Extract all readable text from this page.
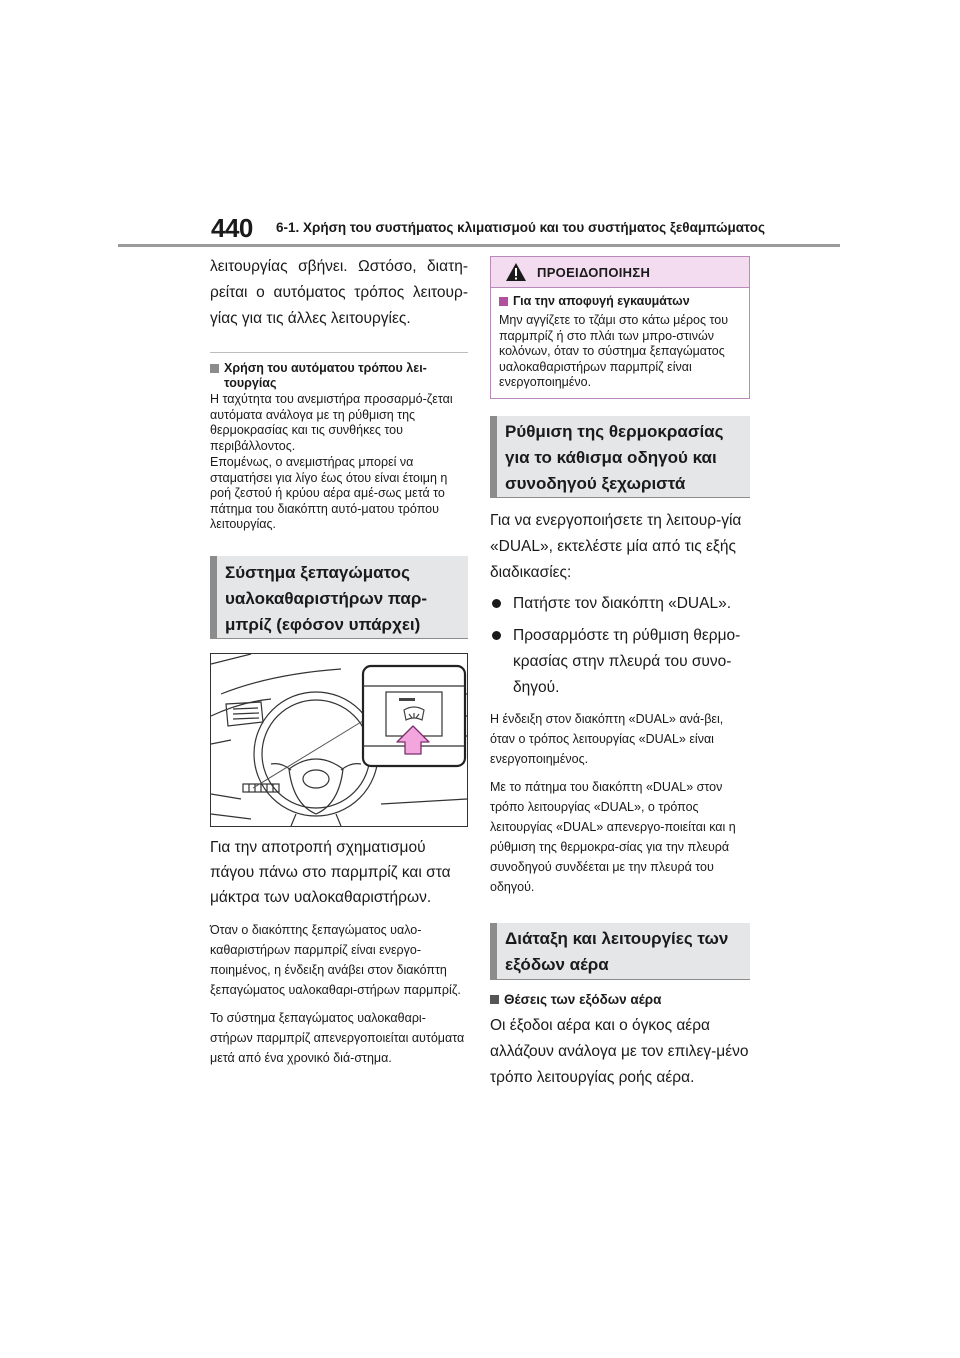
440 6-1. Χρήση του συστήματος κλιματισμού και του συστήματος ξεθαμπώματος

λειτουργίας σβήνει. Ωστόσο, διατη-ρείται ο αυτόματος τρόπος λειτουρ-γίας για τις άλλες λειτουργίες.

Χρήση του αυτόματου τρόπου λει-τουργίας

Η ταχύτητα του ανεμιστήρα προσαρμό-ζεται αυτόματα ανάλογα με τη ρύθμιση της θερμοκρασίας και τις συνθήκες του περιβάλλοντος.

Επομένως, ο ανεμιστήρας μπορεί να σταματήσει για λίγο έως ότου είναι έτοιμη η ροή ζεστού ή κρύου αέρα αμέ-σως μετά το πάτημα του διακόπτη αυτό-ματου τρόπου λειτουργίας.

Σύστημα ξεπαγώματος υαλοκαθαριστήρων παρ-μπρίζ (εφόσον υπάρχει)

Για την αποτροπή σχηματισμού πάγου πάνω στο παρμπρίζ και στα μάκτρα των υαλοκαθαριστήρων.

Όταν ο διακόπτης ξεπαγώματος υαλο-καθαριστήρων παρμπρίζ είναι ενεργο-ποιημένος, η ένδειξη ανάβει στον διακόπτη ξεπαγώματος υαλοκαθαρι-στήρων παρμπρίζ.

Το σύστημα ξεπαγώματος υαλοκαθαρι-στήρων παρμπρίζ απενεργοποιείται αυτόματα μετά από ένα χρονικό διά-στημα.

ΠΡΟΕΙΔΟΠΟΙΗΣΗ
Για την αποφυγή εγκαυμάτων

Μην αγγίζετε το τζάμι στο κάτω μέρος του παρμπρίζ ή στο πλάι των μπρο-στινών κολόνων, όταν το σύστημα ξεπαγώματος υαλοκαθαριστήρων παρμπρίζ είναι ενεργοποιημένο.

Ρύθμιση της θερμοκρασίας για το κάθισμα οδηγού και συνοδηγού ξεχωριστά

Για να ενεργοποιήσετε τη λειτουρ-γία «DUAL», εκτελέστε μία από τις εξής διαδικασίες:

Πατήστε τον διακόπτη «DUAL».
Προσαρμόστε τη ρύθμιση θερμο-κρασίας στην πλευρά του συνο-δηγού.

Η ένδειξη στον διακόπτη «DUAL» ανά-βει, όταν ο τρόπος λειτουργίας «DUAL» είναι ενεργοποιημένος.

Με το πάτημα του διακόπτη «DUAL» στον τρόπο λειτουργίας «DUAL», ο τρόπος λειτουργίας «DUAL» απενεργο-ποιείται και η ρύθμιση της θερμοκρα-σίας για την πλευρά συνοδηγού συνδέεται με την πλευρά του οδηγού.

Διάταξη και λειτουργίες των εξόδων αέρα
Θέσεις των εξόδων αέρα

Οι έξοδοι αέρα και ο όγκος αέρα αλλάζουν ανάλογα με τον επιλεγ-μένο τρόπο λειτουργίας ροής αέρα.
